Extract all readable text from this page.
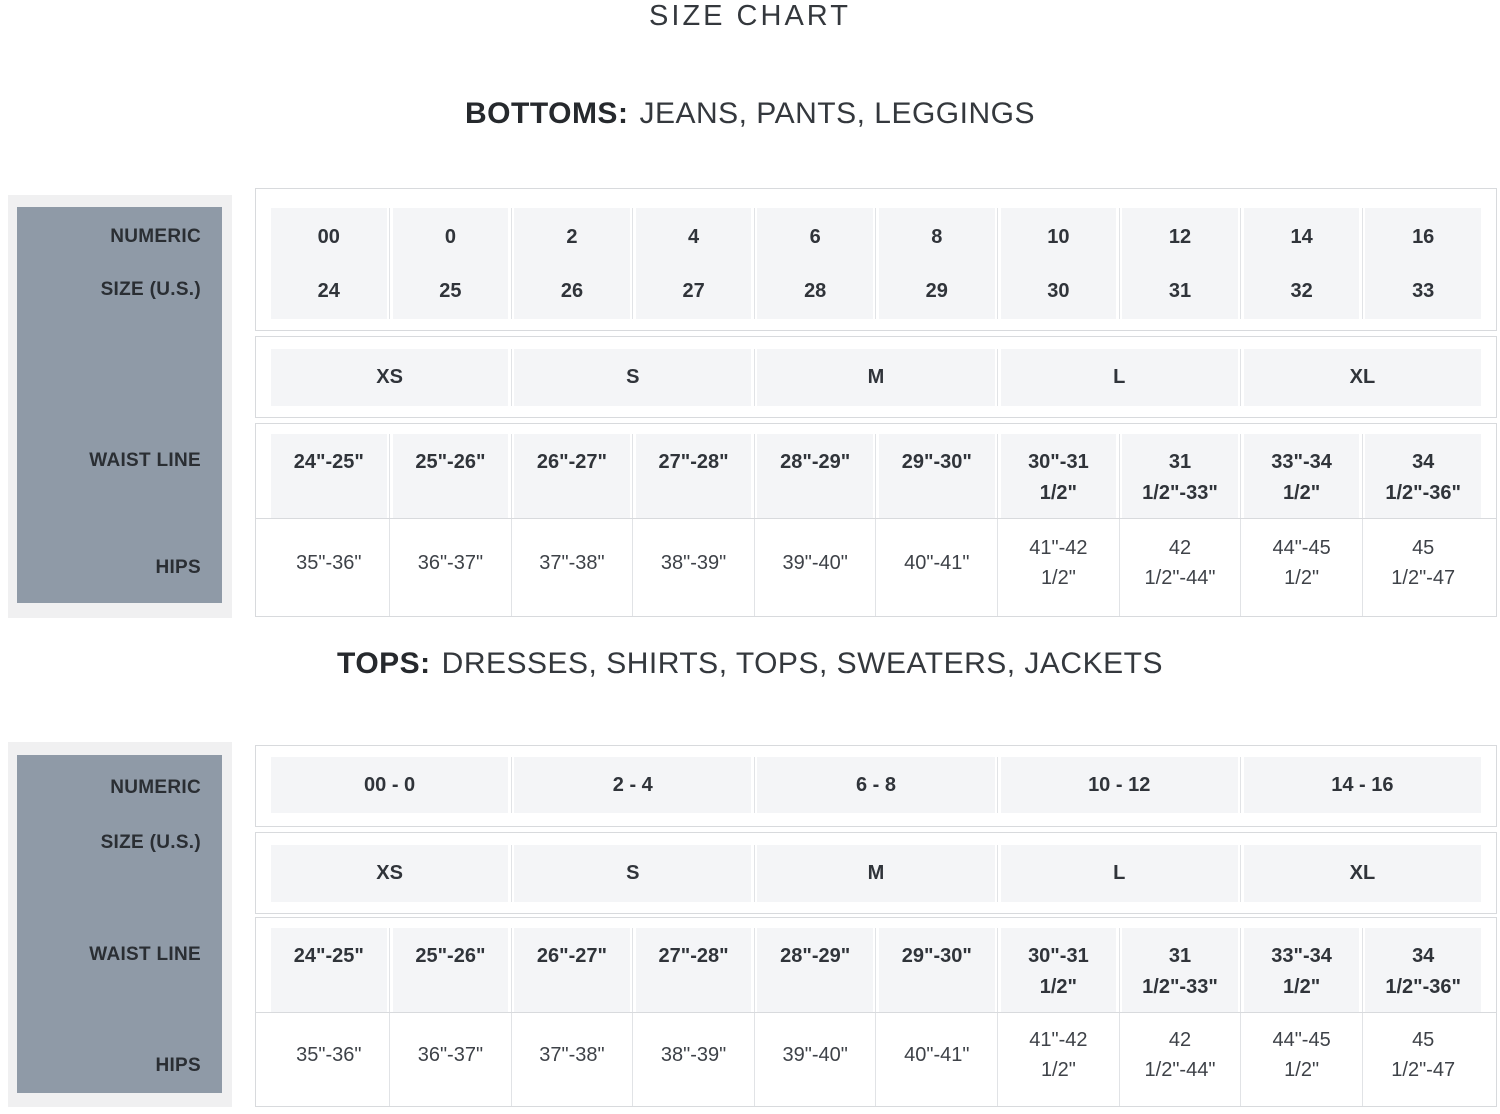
SIZE CHART
BOTTOMS: JEANS, PANTS, LEGGINGS
NUMERIC
SIZE (U.S.)
WAIST LINE
HIPS
00
24
0
25
2
26
4
27
6
28
8
29
10
30
12
31
14
32
16
33
XS	S	M	L	XL
24"-25"	25"-26"	26"-27"	27"-28"	28"-29"	29"-30"	30"-31 1/2"
31 1/2"-33"
33"-34 1/2"
34 1/2"-36"
35"-36"	36"-37"	37"-38"	38"-39"	39"-40"	40"-41"
41"-42 1/2"
42 1/2"-44"
44"-45 1/2"
45 1/2"-47
TOPS: DRESSES, SHIRTS, TOPS, SWEATERS, JACKETS
NUMERIC
SIZE (U.S.)
WAIST LINE
HIPS
00 - 0	2 - 4	6 - 8	10 - 12	14 - 16
XS	S	M	L	XL
24"-25"	25"-26"	26"-27"	27"-28"	28"-29"	29"-30"	30"-31 1/2"
31 1/2"-33"
33"-34 1/2"
34 1/2"-36"
35"-36"	36"-37"	37"-38"	38"-39"	39"-40"	40"-41"
41"-42 1/2"
42 1/2"-44"
44"-45 1/2"
45 1/2"-47
